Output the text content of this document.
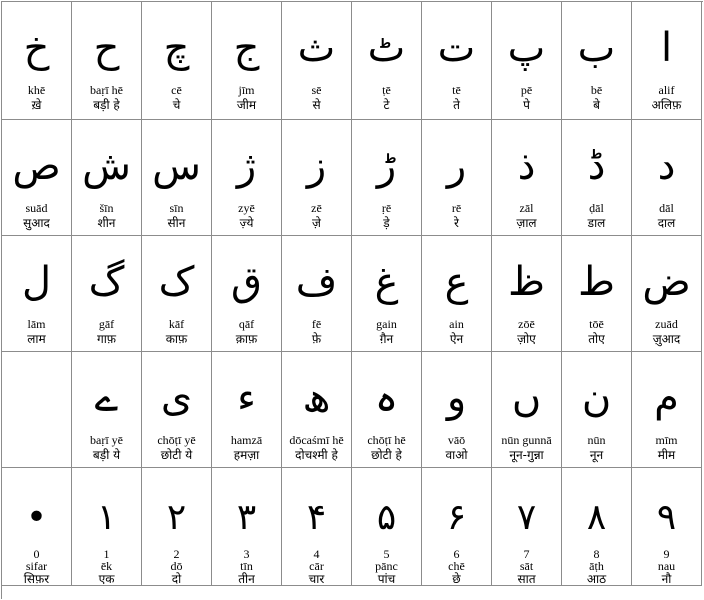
خ
khē
ख़े
ح
baṛī hē
बड़ी हे
چ
cē
चे
ج
jīm
जीम
ث
sē
से
ٹ
ṭē
टे
ت
tē
ते
پ
pē
पे
ب
bē
बे
ا
alif
अलिफ़
ص
suād
सुआद
ش
šīn
शीन
س
sīn
सीन
ژ
zyē
ज़्ये
ز
zē
ज़े
ڑ
ṛē
ड़े
ر
rē
रे
ذ
zāl
ज़ाल
ڈ
ḍāl
डाल
د
dāl
दाल
ل
lām
लाम
گ
gāf
गाफ़
ک
kāf
काफ़
ق
qāf
क़ाफ़
ف
fē
फ़े
غ
gain
ग़ैन
ع
ain
ऐन
ظ
zōē
ज़ोए
ط
tōē
तोए
ض
zuād
ज़ुआद
ے
baṛī yē
बड़ी ये
ی
chōṭī yē
छोटी ये
ء
hamzā
हमज़ा
ھ
dōcaśmī hē
दोचश्मी हे
ہ
chōṭī hē
छोटी हे
و
vāō
वाओ
ں
nūn gunnā
नून-गुन्ना
ن
nūn
नून
م
mīm
मीम
•
0
sifar
सिफ़र
۱
1
ēk
एक
۲
2
dō
दो
۳
3
tīn
तीन
۴
4
cār
चार
۵
5
pānc
पांच
۶
6
chē
छे
۷
7
sāt
सात
۸
8
āṭh
आठ
۹
9
nau
नौ
